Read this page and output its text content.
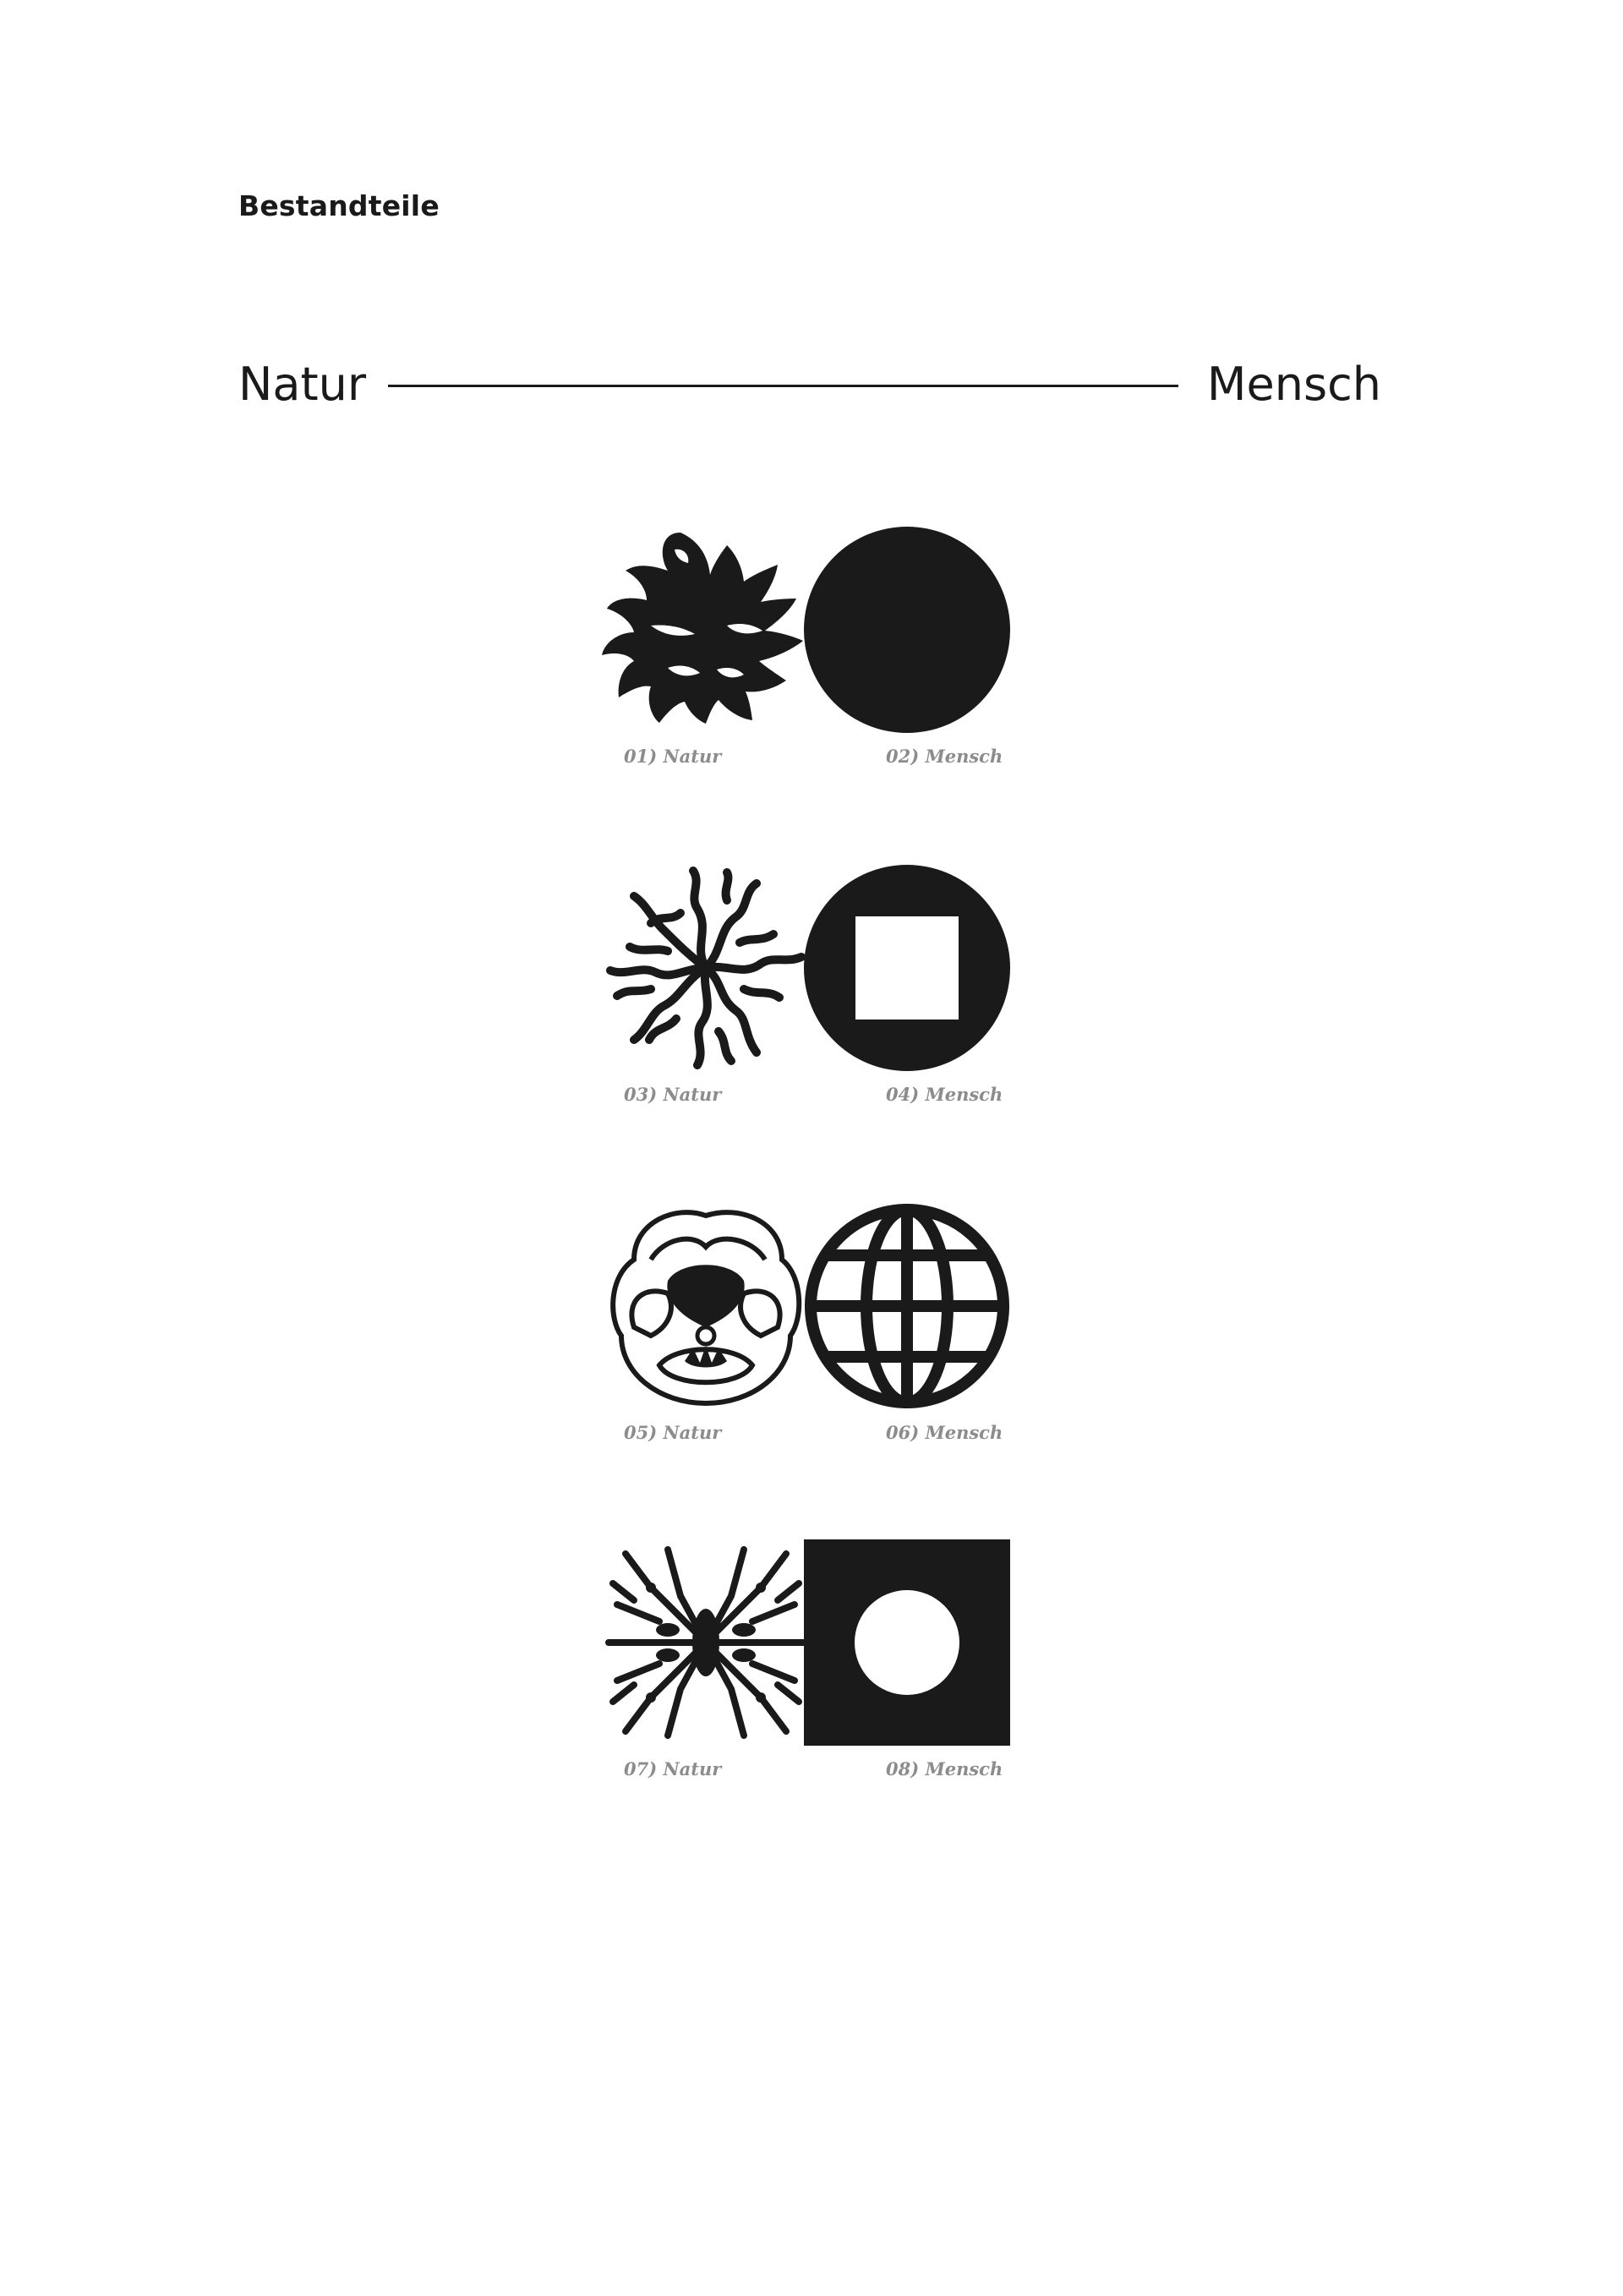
Bestandteile
Natur	Mensch
01) Natur	02) Mensch
03) Natur	04) Mensch
05) Natur	06) Mensch
07) Natur	08) Mensch
